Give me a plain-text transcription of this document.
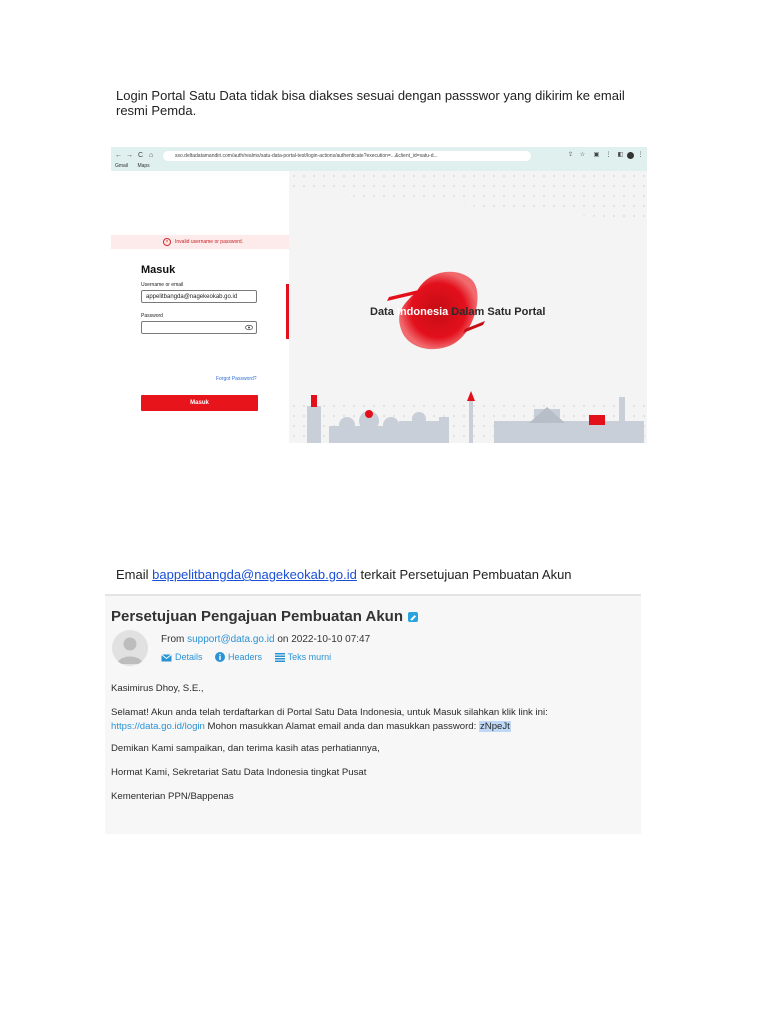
Login Portal Satu Data tidak bisa diakses sesuai dengan passswor yang dikirim ke email resmi Pemda.
← → C ⌂	sso.deltadatamandiri.com/auth/realms/satu-data-portal-test/login-actions/authenticate?execution=...&client_id=satu-d...	⇪ ☆ ▣ ⋮ ◧ ⋮
Gmail Maps
×	Invalid username or password.
Masuk
Username or email
appelitbangda@nagekeokab.go.id
Password
Forgot Password?
Masuk
Data Indonesia Dalam Satu Portal
Email bappelitbangda@nagekeokab.go.id terkait Persetujuan Pembuatan Akun
Persetujuan Pengajuan Pembuatan Akun
From support@data.go.id on 2022-10-10 07:47
Details	Headers	Teks murni
Kasimirus Dhoy, S.E.,
Selamat! Akun anda telah terdaftarkan di Portal Satu Data Indonesia, untuk Masuk silahkan klik link ini:
https://data.go.id/login Mohon masukkan Alamat email anda dan masukkan password: zNpeJt
Demikan Kami sampaikan, dan terima kasih atas perhatiannya,
Hormat Kami, Sekretariat Satu Data Indonesia tingkat Pusat
Kementerian PPN/Bappenas
